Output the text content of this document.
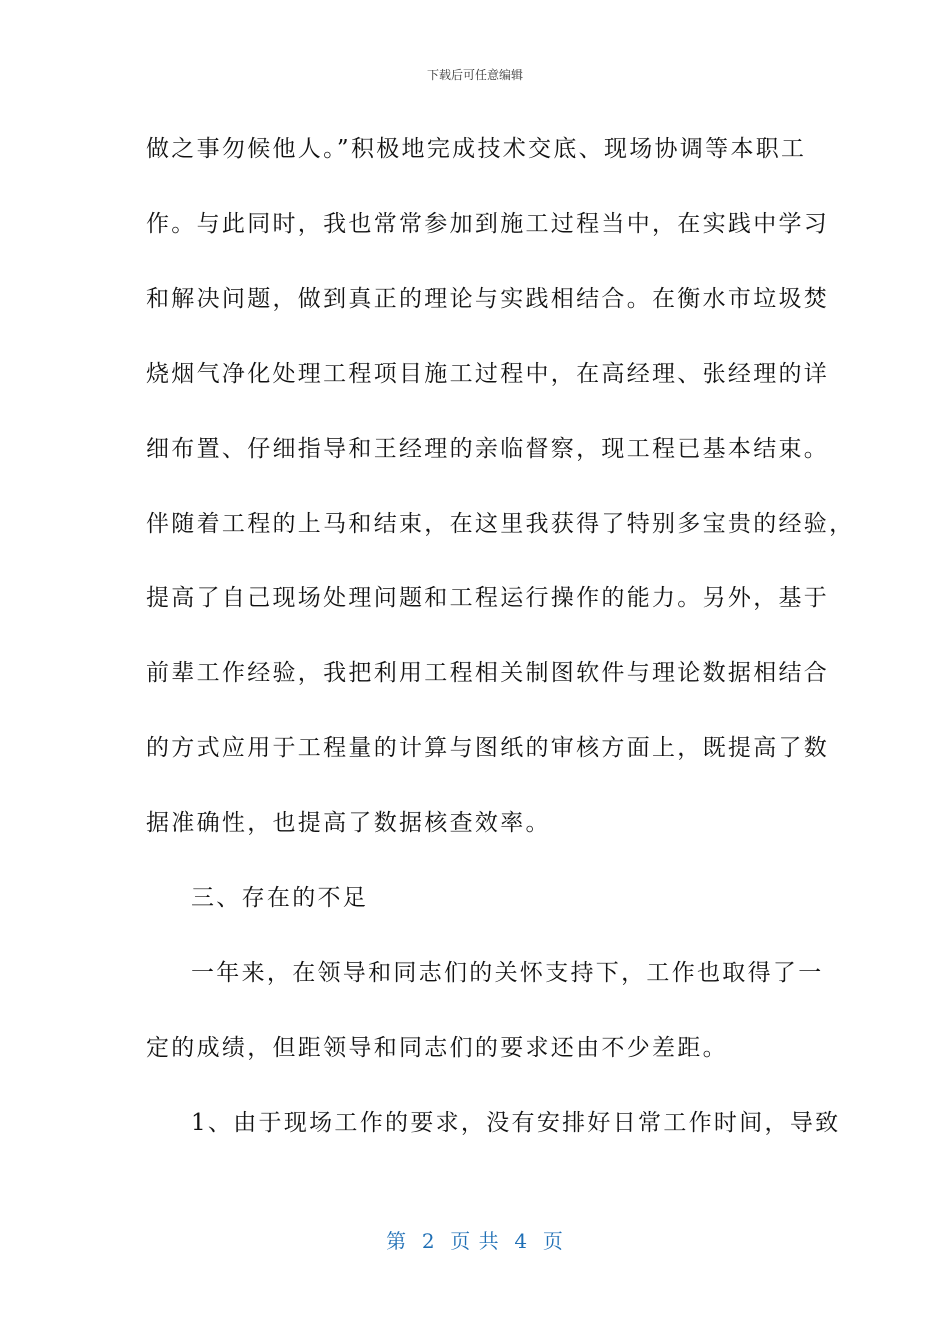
下载后可任意编辑
做之事勿候他人。”积极地完成技术交底、现场协调等本职工
作。与此同时，我也常常参加到施工过程当中，在实践中学习
和解决问题，做到真正的理论与实践相结合。在衡水市垃圾焚
烧烟气净化处理工程项目施工过程中，在高经理、张经理的详
细布置、仔细指导和王经理的亲临督察，现工程已基本结束。
伴随着工程的上马和结束，在这里我获得了特别多宝贵的经验，
提高了自己现场处理问题和工程运行操作的能力。另外，基于
前辈工作经验，我把利用工程相关制图软件与理论数据相结合
的方式应用于工程量的计算与图纸的审核方面上，既提高了数
据准确性，也提高了数据核查效率。
三、存在的不足
一年来，在领导和同志们的关怀支持下，工作也取得了一
定的成绩，但距领导和同志们的要求还由不少差距。
1、由于现场工作的要求，没有安排好日常工作时间，导致
第  2  页 共  4  页
